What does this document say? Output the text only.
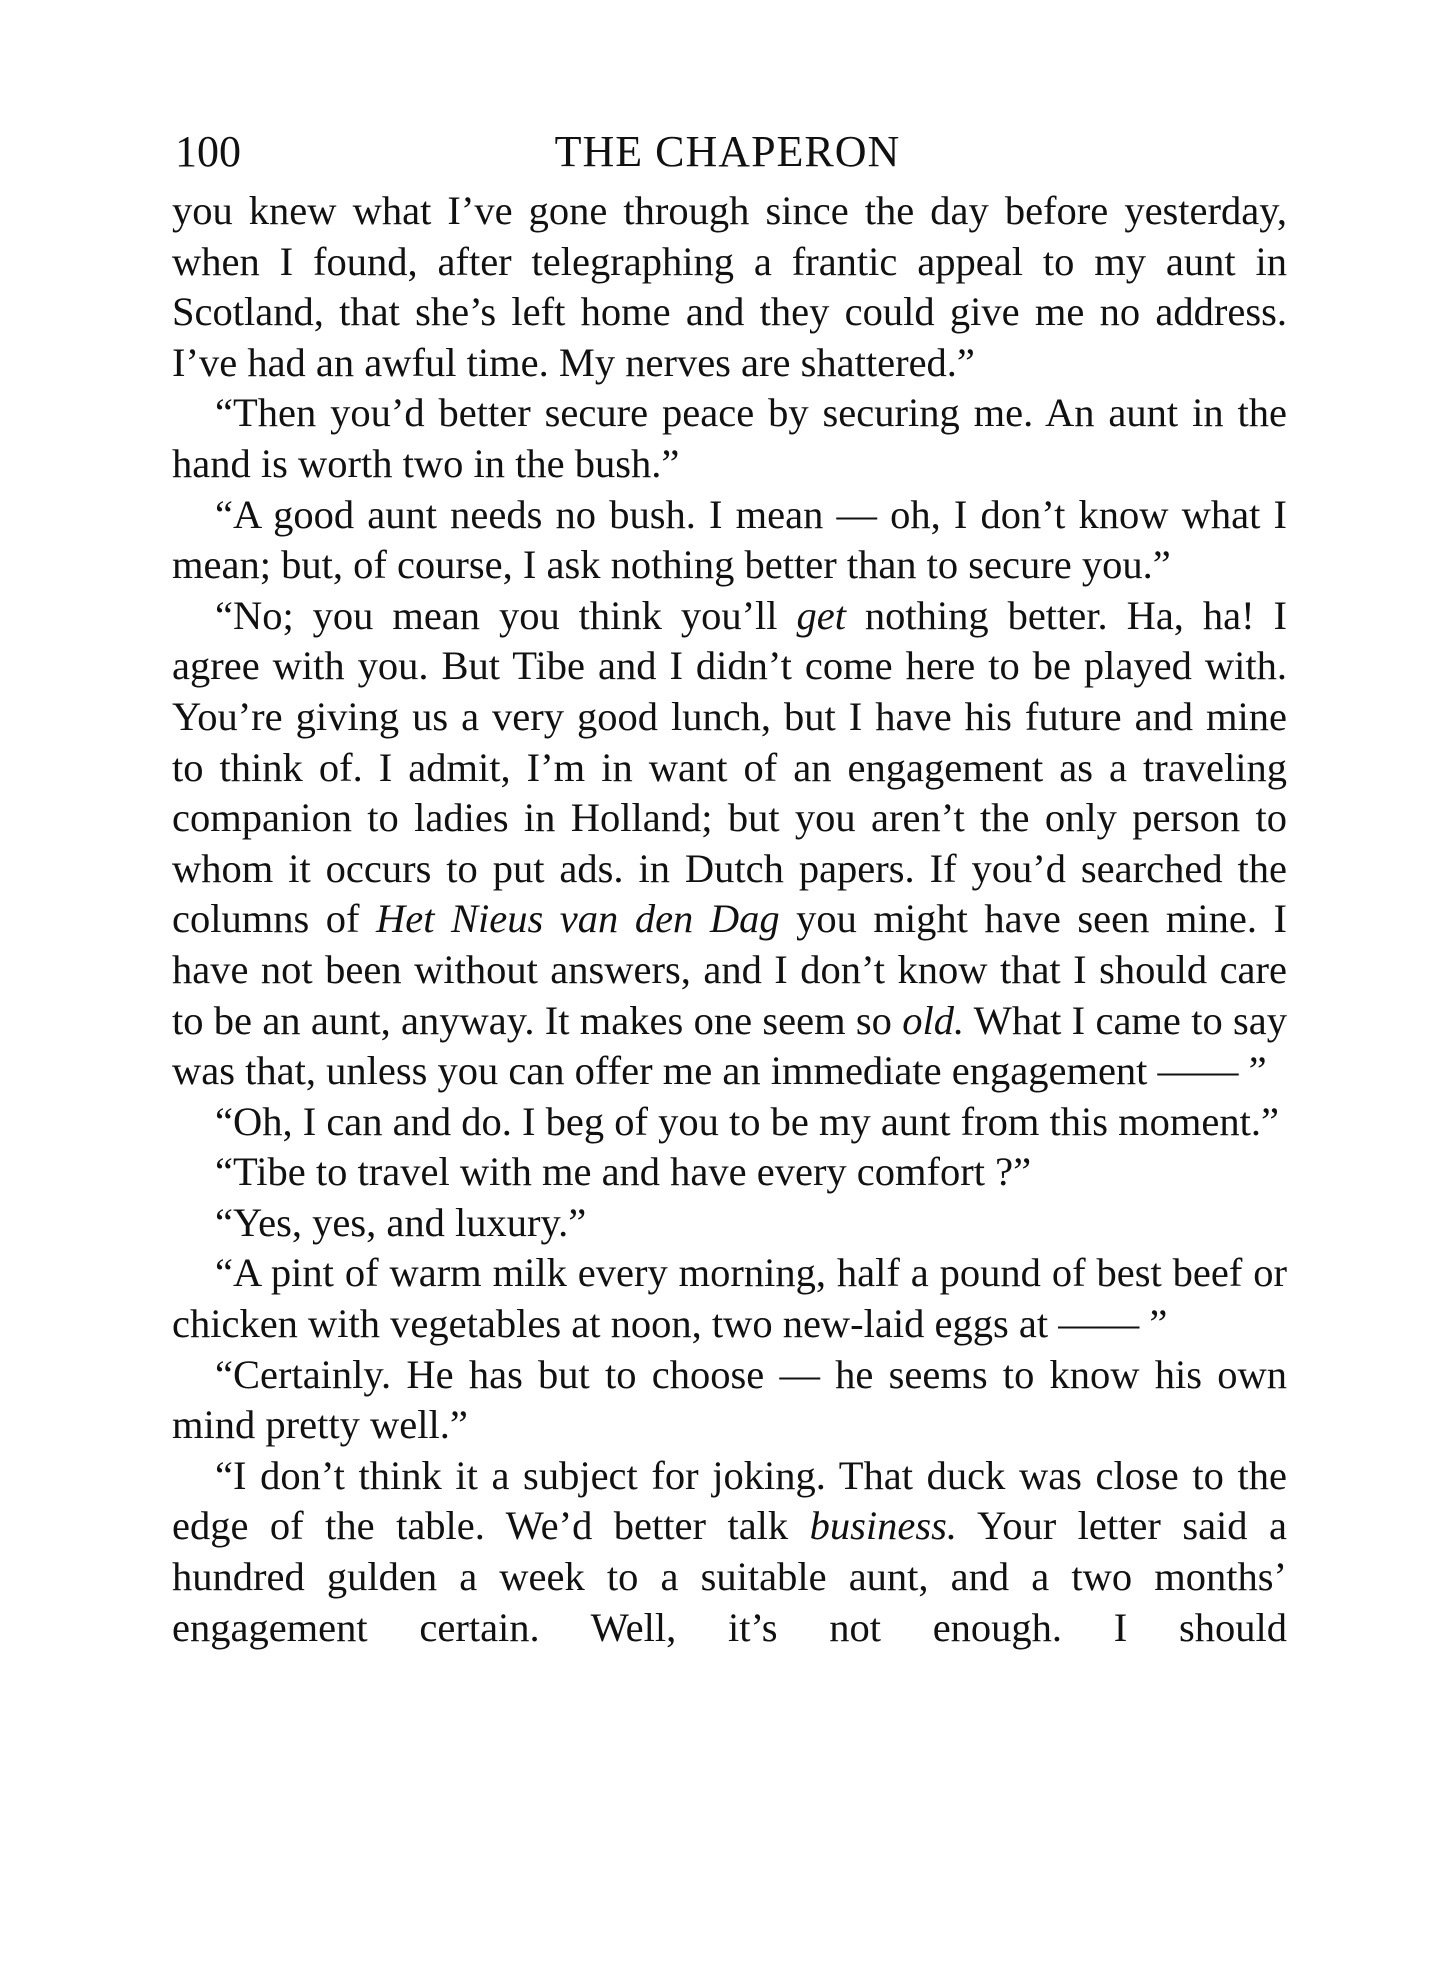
100	THE CHAPERON

you knew what I’ve gone through since the day before yesterday, when I found, after telegraphing a frantic appeal to my aunt in Scotland, that she’s left home and they could give me no address. I’ve had an awful time. My nerves are shattered.”

“Then you’d better secure peace by securing me. An aunt in the hand is worth two in the bush.”

“A good aunt needs no bush. I mean — oh, I don’t know what I mean; but, of course, I ask nothing better than to secure you.”

“No; you mean you think you’ll get nothing better. Ha, ha! I agree with you. But Tibe and I didn’t come here to be played with. You’re giving us a very good lunch, but I have his future and mine to think of. I admit, I’m in want of an engagement as a traveling companion to ladies in Holland; but you aren’t the only person to whom it occurs to put ads. in Dutch papers. If you’d searched the columns of Het Nieus van den Dag you might have seen mine. I have not been without answers, and I don’t know that I should care to be an aunt, anyway. It makes one seem so old. What I came to say was that, unless you can offer me an immediate engagement —— ”

“Oh, I can and do. I beg of you to be my aunt from this moment.”

“Tibe to travel with me and have every comfort ?”

“Yes, yes, and luxury.”

“A pint of warm milk every morning, half a pound of best beef or chicken with vegetables at noon, two new-laid eggs at —— ”

“Certainly. He has but to choose — he seems to know his own mind pretty well.”

“I don’t think it a subject for joking. That duck was close to the edge of the table. We’d better talk business. Your letter said a hundred gulden a week to a suitable aunt, and a two months’ engagement certain. Well, it’s not enough. I should
